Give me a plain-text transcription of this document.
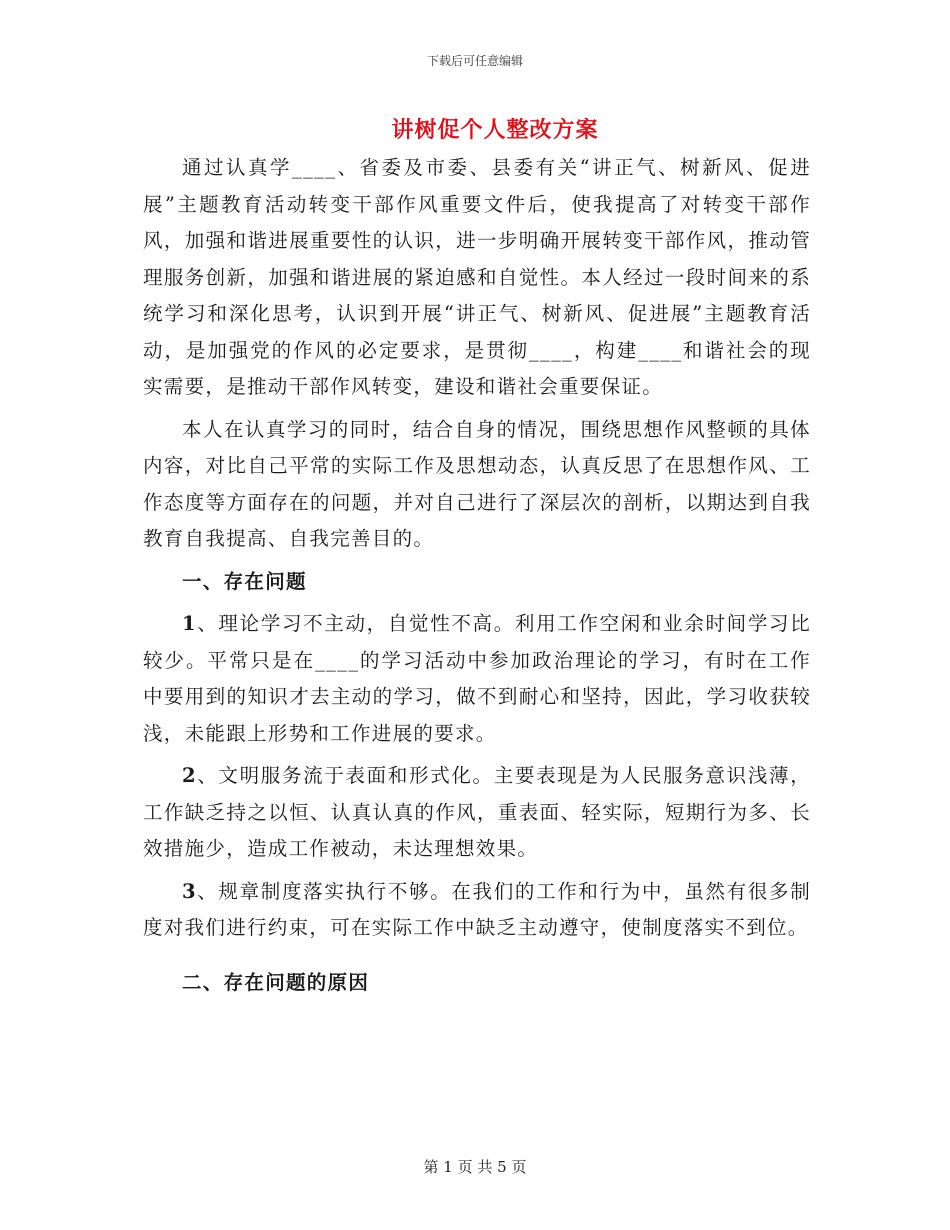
下载后可任意编辑
讲树促个人整改方案

通过认真学____、省委及市委、县委有关“讲正气、树新风、促进展”主题教育活动转变干部作风重要文件后，使我提高了对转变干部作风，加强和谐进展重要性的认识，进一步明确开展转变干部作风，推动管理服务创新，加强和谐进展的紧迫感和自觉性。本人经过一段时间来的系统学习和深化思考，认识到开展“讲正气、树新风、促进展”主题教育活动，是加强党的作风的必定要求，是贯彻____，构建____和谐社会的现实需要，是推动干部作风转变，建设和谐社会重要保证。

本人在认真学习的同时，结合自身的情况，围绕思想作风整顿的具体内容，对比自己平常的实际工作及思想动态，认真反思了在思想作风、工作态度等方面存在的问题，并对自己进行了深层次的剖析，以期达到自我教育自我提高、自我完善目的。

一、存在问题

1、理论学习不主动，自觉性不高。利用工作空闲和业余时间学习比较少。平常只是在____的学习活动中参加政治理论的学习，有时在工作中要用到的知识才去主动的学习，做不到耐心和坚持，因此，学习收获较浅，未能跟上形势和工作进展的要求。

2、文明服务流于表面和形式化。主要表现是为人民服务意识浅薄，工作缺乏持之以恒、认真认真的作风，重表面、轻实际，短期行为多、长效措施少，造成工作被动，未达理想效果。

3、规章制度落实执行不够。在我们的工作和行为中，虽然有很多制度对我们进行约束，可在实际工作中缺乏主动遵守，使制度落实不到位。

二、存在问题的原因

第 1 页 共 5 页
